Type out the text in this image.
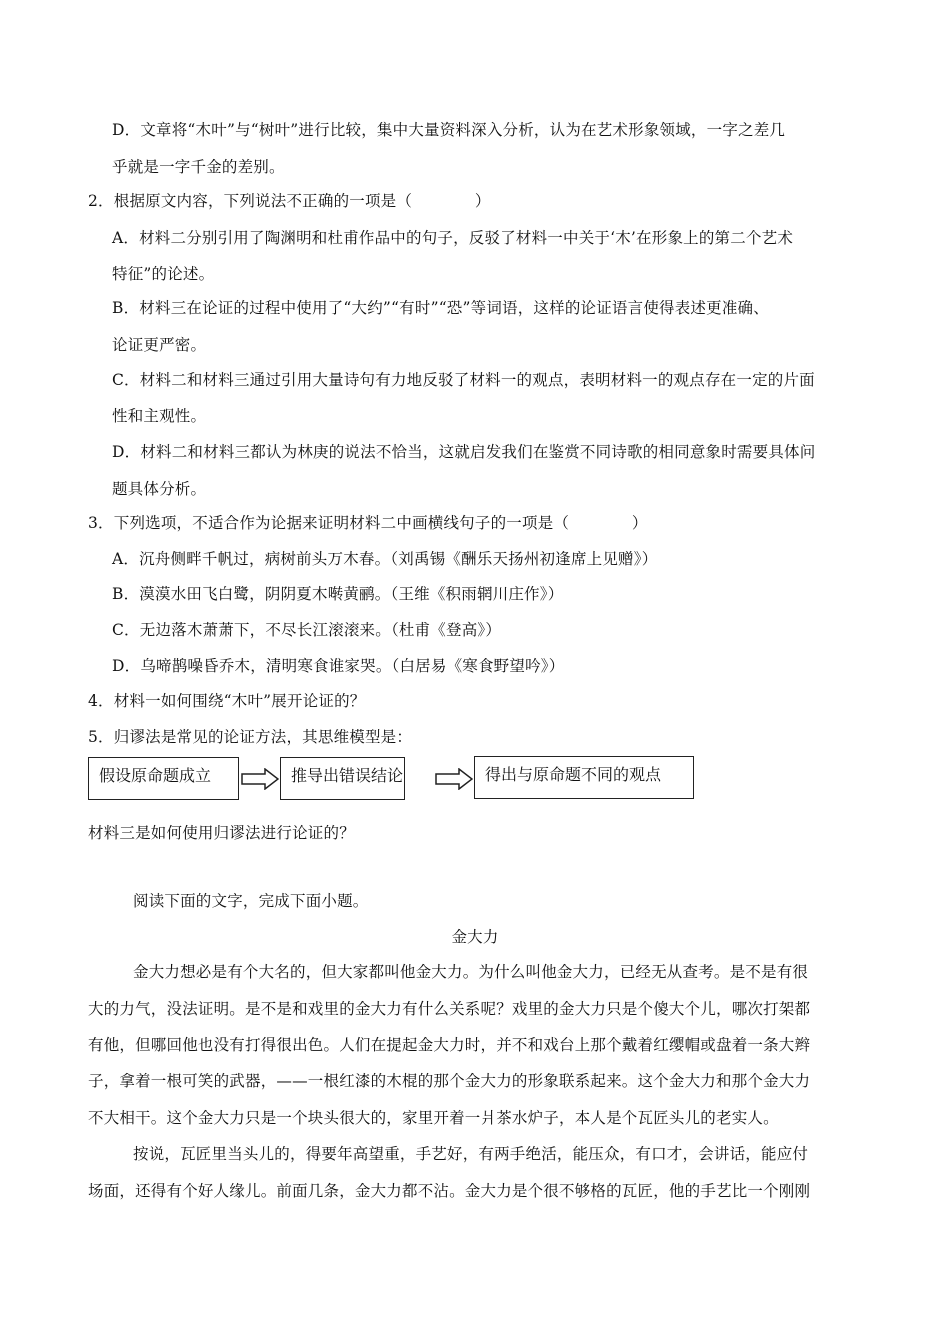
D．文章将“木叶”与“树叶”进行比较，集中大量资料深入分析，认为在艺术形象领域，一字之差几
乎就是一字千金的差别。
2．根据原文内容，下列说法不正确的一项是（　　　　）
A．材料二分别引用了陶渊明和杜甫作品中的句子，反驳了材料一中关于‘木’在形象上的第二个艺术
特征”的论述。
B．材料三在论证的过程中使用了“大约”“有时”“恐”等词语，这样的论证语言使得表述更准确、
论证更严密。
C．材料二和材料三通过引用大量诗句有力地反驳了材料一的观点，表明材料一的观点存在一定的片面
性和主观性。
D．材料二和材料三都认为林庚的说法不恰当，这就启发我们在鉴赏不同诗歌的相同意象时需要具体问
题具体分析。
3．下列选项，不适合作为论据来证明材料二中画横线句子的一项是（　　　　）
A．沉舟侧畔千帆过，病树前头万木春。（刘禹锡《酬乐天扬州初逢席上见赠》）
B．漠漠水田飞白鹭，阴阴夏木啭黄鹂。（王维《积雨辋川庄作》）
C．无边落木萧萧下，不尽长江滚滚来。（杜甫《登高》）
D．乌啼鹊噪昏乔木，清明寒食谁家哭。（白居易《寒食野望吟》）
4．材料一如何围绕“木叶”展开论证的？
5．归谬法是常见的论证方法，其思维模型是：
假设原命题成立	推导出错误结论	得出与原命题不同的观点
材料三是如何使用归谬法进行论证的？
阅读下面的文字，完成下面小题。
金大力
金大力想必是有个大名的，但大家都叫他金大力。为什么叫他金大力，已经无从查考。是不是有很
大的力气，没法证明。是不是和戏里的金大力有什么关系呢？戏里的金大力只是个傻大个儿，哪次打架都
有他，但哪回他也没有打得很出色。人们在提起金大力时，并不和戏台上那个戴着红缨帽或盘着一条大辫
子，拿着一根可笑的武器，——一根红漆的木棍的那个金大力的形象联系起来。这个金大力和那个金大力
不大相干。这个金大力只是一个块头很大的，家里开着一爿茶水炉子，本人是个瓦匠头儿的老实人。
按说，瓦匠里当头儿的，得要年高望重，手艺好，有两手绝活，能压众，有口才，会讲话，能应付
场面，还得有个好人缘儿。前面几条，金大力都不沾。金大力是个很不够格的瓦匠，他的手艺比一个刚刚
